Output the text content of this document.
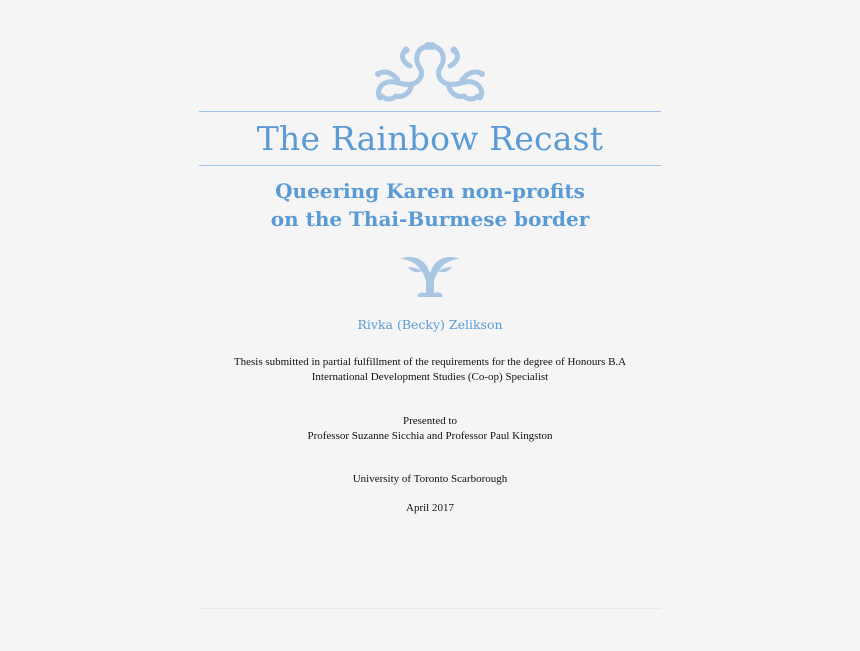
The Rainbow Recast
Queering Karen non-profits
on the Thai-Burmese border
Rivka (Becky) Zelikson
Thesis submitted in partial fulfillment of the requirements for the degree of Honours B.A
International Development Studies (Co-op) Specialist
Presented to
Professor Suzanne Sicchia and Professor Paul Kingston
University of Toronto Scarborough
April 2017
